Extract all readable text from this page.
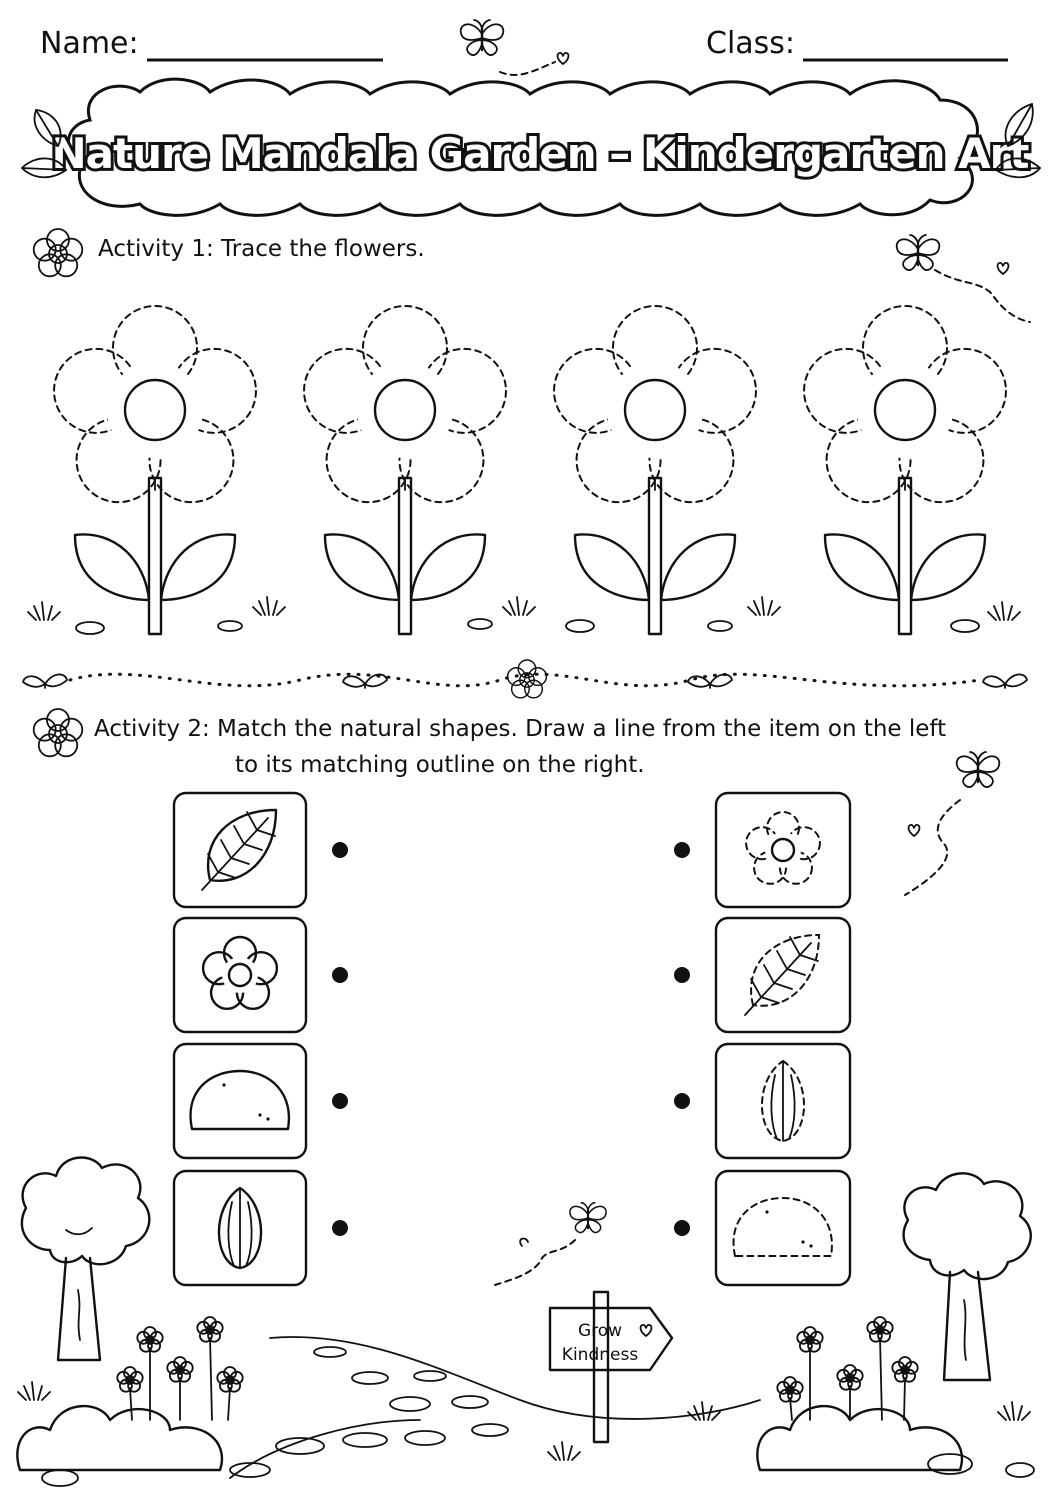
Name:	Class:
Activity 1: Trace the flowers.
Activity 2: Match the natural shapes. Draw a line from the item on the left
to its matching outline on the right.
Nature Mandala Garden – Kindergarten Art
Grow
Kindness
